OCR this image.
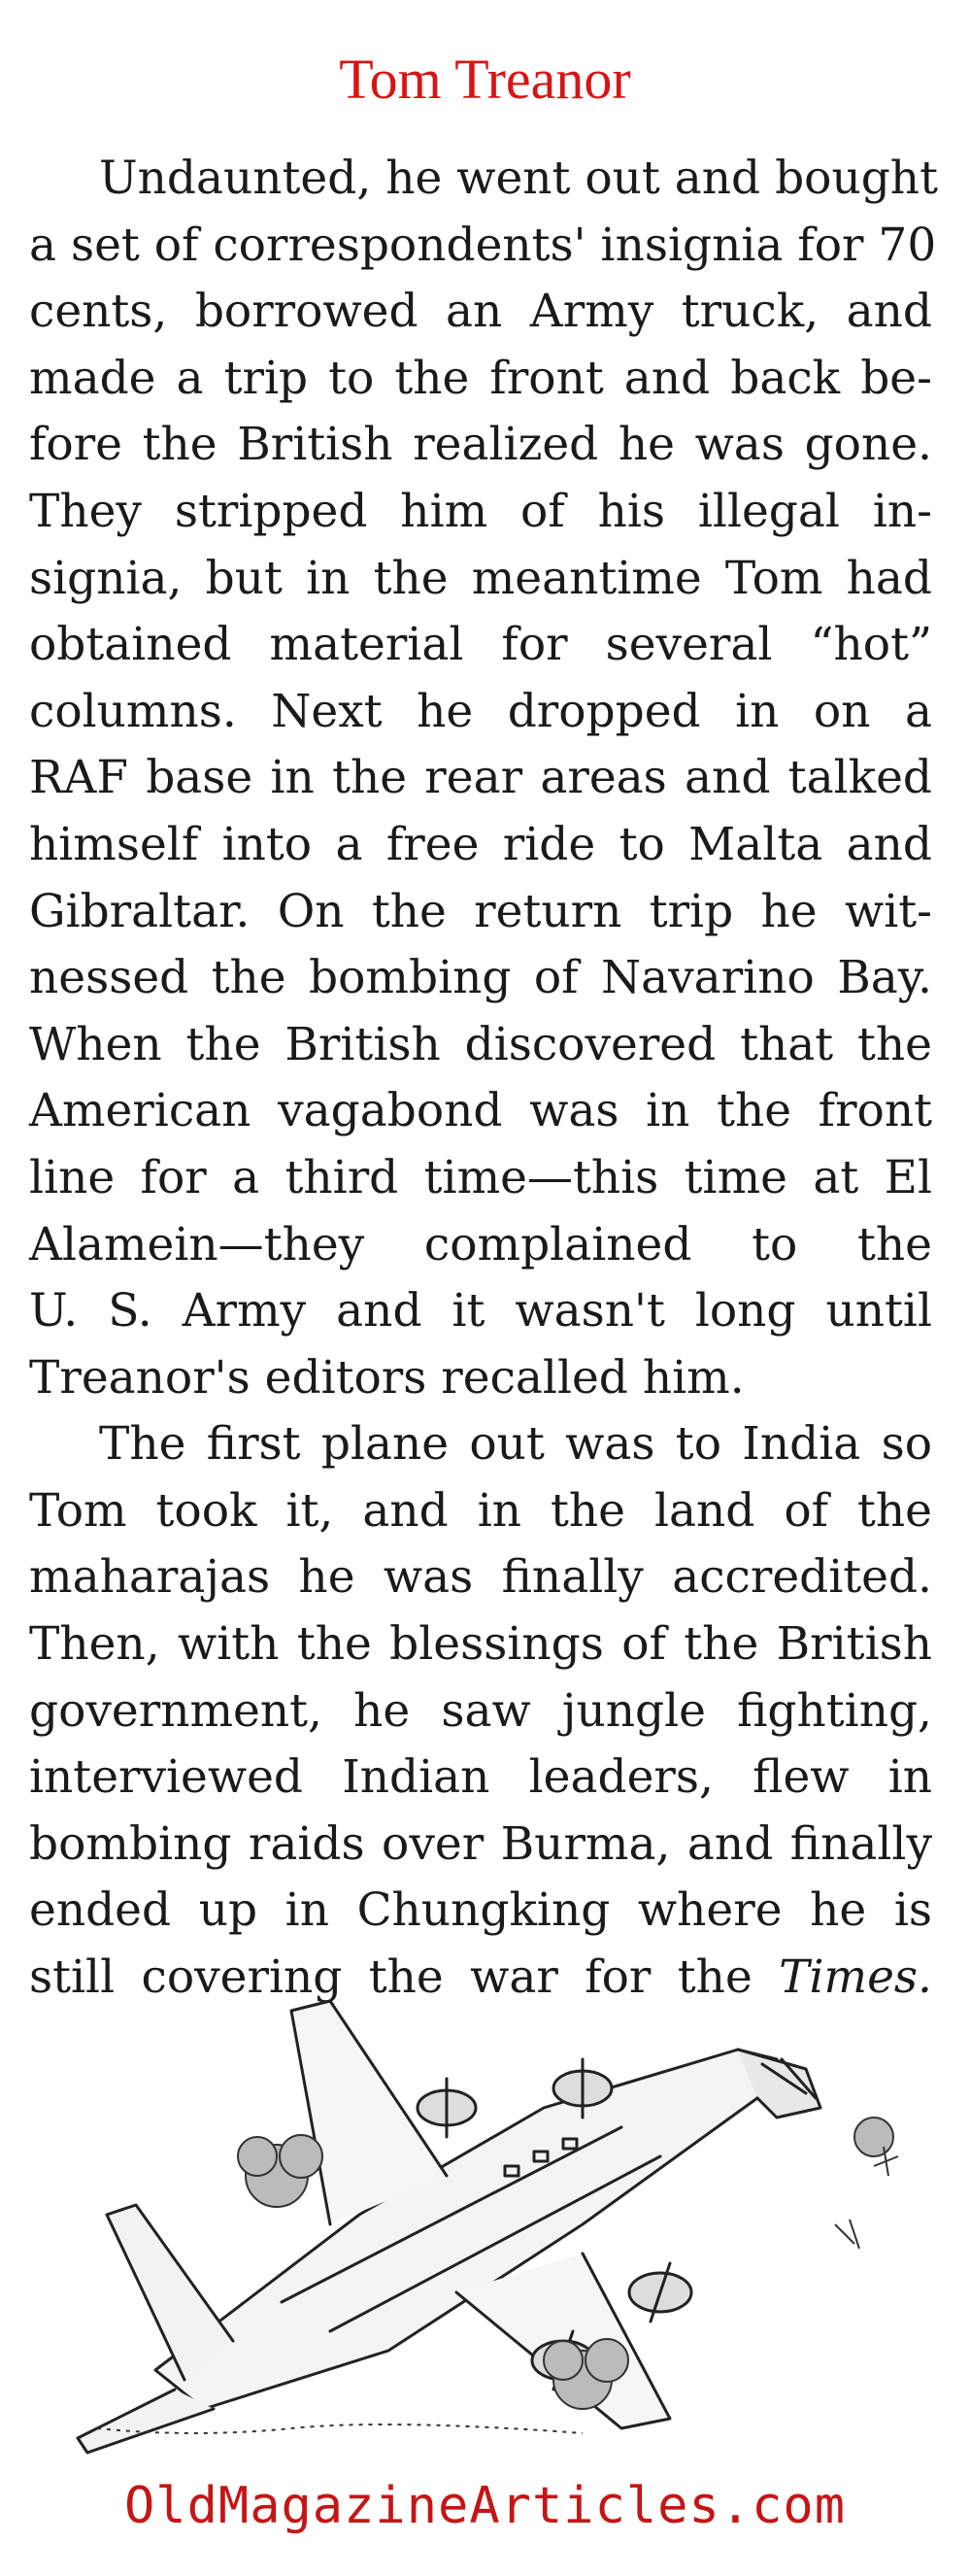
Tom Treanor

Undaunted, he went out and bought
a set of correspondents' insignia for 70
cents, borrowed an Army truck, and
made a trip to the front and back be-
fore the British realized he was gone.
They stripped him of his illegal in-
signia, but in the meantime Tom had
obtained material for several “hot”
columns. Next he dropped in on a
RAF base in the rear areas and talked
himself into a free ride to Malta and
Gibraltar. On the return trip he wit-
nessed the bombing of Navarino Bay.
When the British discovered that the
American vagabond was in the front
line for a third time—this time at El
Alamein—they complained to the
U. S. Army and it wasn't long until
Treanor's editors recalled him.

The first plane out was to India so
Tom took it, and in the land of the
maharajas he was finally accredited.
Then, with the blessings of the British
government, he saw jungle fighting,
interviewed Indian leaders, flew in
bombing raids over Burma, and finally
ended up in Chungking where he is
still covering the war for the Times.

OldMagazineArticles.com
